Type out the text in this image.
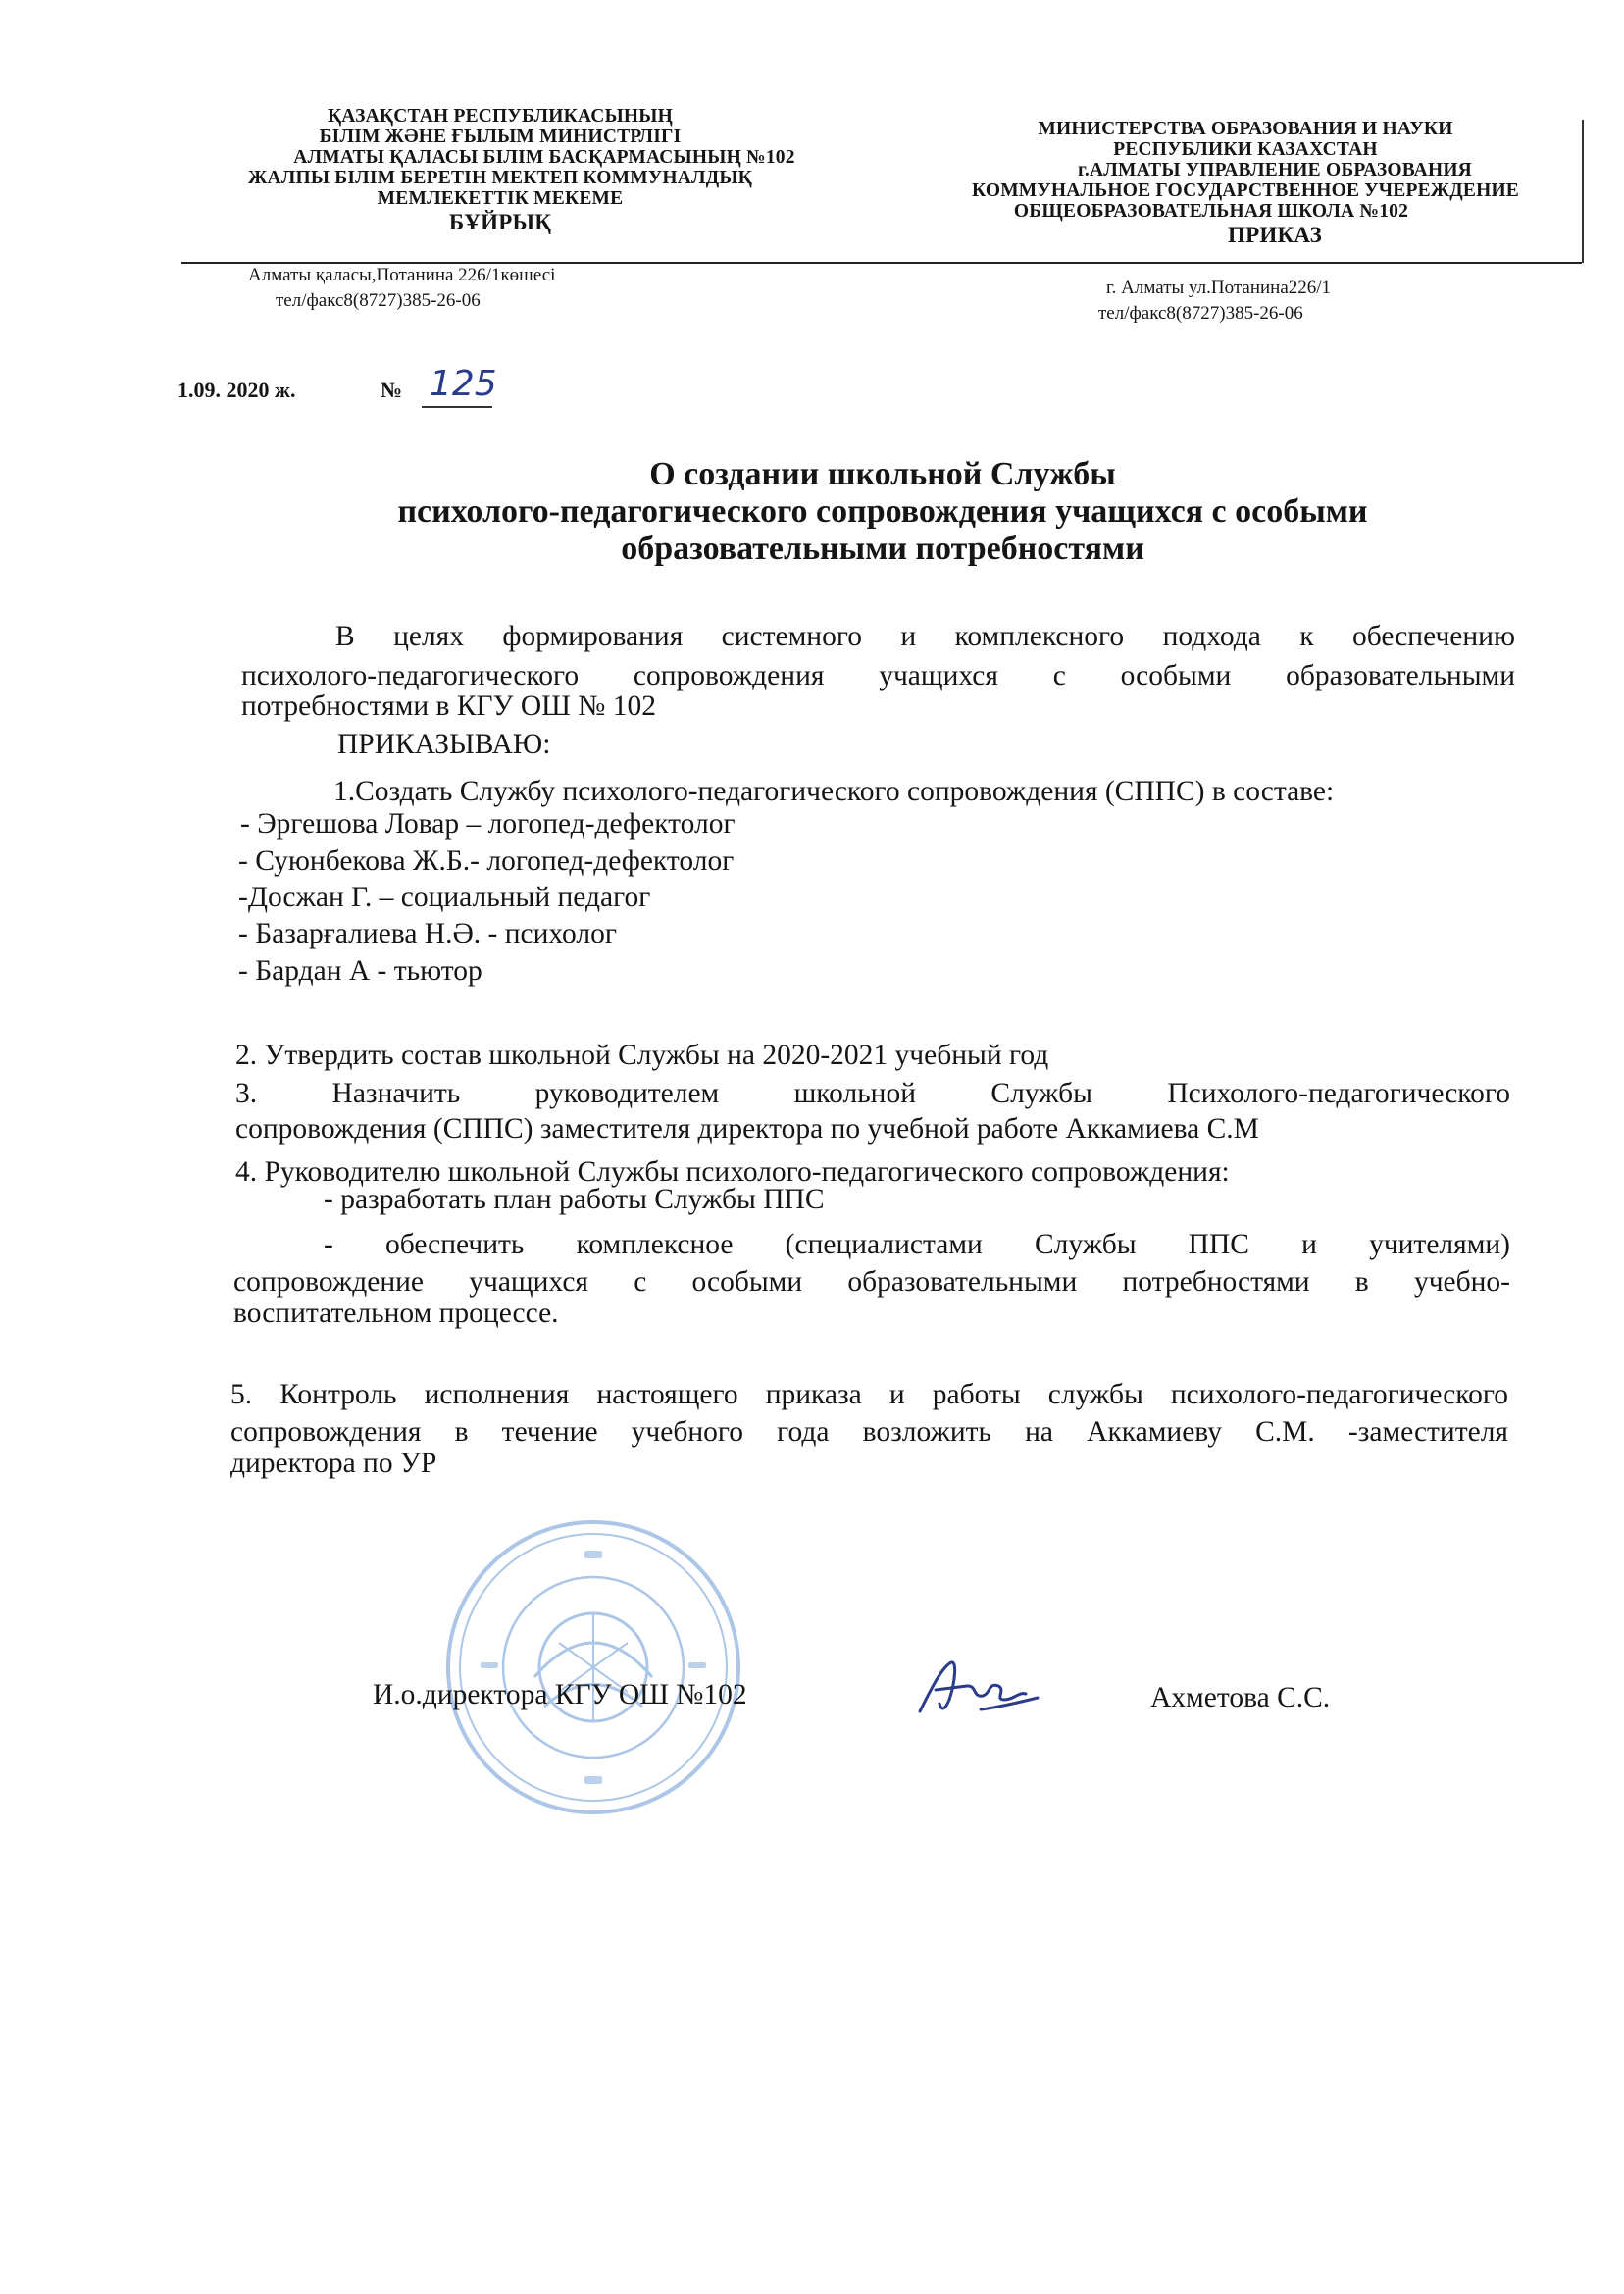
ҚАЗАҚСТАН РЕСПУБЛИКАСЫНЫҢ
БІЛІМ ЖӘНЕ ҒЫЛЫМ МИНИСТРЛІГІ
АЛМАТЫ ҚАЛАСЫ БІЛІМ БАСҚАРМАСЫНЫҢ №102
ЖАЛПЫ БІЛІМ БЕРЕТІН МЕКТЕП КОММУНАЛДЫҚ
МЕМЛЕКЕТТІК МЕКЕМЕ
БҰЙРЫҚ
МИНИСТЕРСТВА ОБРАЗОВАНИЯ И НАУКИ
РЕСПУБЛИКИ КАЗАХСТАН
г.АЛМАТЫ УПРАВЛЕНИЕ ОБРАЗОВАНИЯ
КОММУНАЛЬНОЕ ГОСУДАРСТВЕННОЕ УЧЕРЕЖДЕНИЕ
ОБЩЕОБРАЗОВАТЕЛЬНАЯ ШКОЛА №102
ПРИКАЗ
Алматы қаласы,Потанина 226/1көшесі
тел/факс8(8727)385-26-06
г. Алматы ул.Потанина226/1
тел/факс8(8727)385-26-06
1.09. 2020 ж.	№ 125
О создании школьной Службы
психолого-педагогического сопровождения учащихся с особыми
образовательными потребностями
В целях формирования системного и комплексного подхода к обеспечению
психолого-педагогического сопровождения учащихся с особыми образовательными
потребностями в КГУ ОШ № 102
ПРИКАЗЫВАЮ:
1.Создать Службу психолого-педагогического сопровождения (СППС) в составе:
- Эргешова Ловар – логопед-дефектолог
- Суюнбекова Ж.Б.- логопед-дефектолог
-Досжан Г. – социальный педагог
- Базарғалиева Н.Ә. - психолог
- Бардан А - тьютор
2. Утвердить состав школьной Службы на 2020-2021 учебный год
3. Назначить руководителем школьной Службы Психолого-педагогического
сопровождения (СППС) заместителя директора по учебной работе Аккамиева С.М
4. Руководителю школьной Службы психолого-педагогического сопровождения:
- разработать план работы Службы ППС
- обеспечить комплексное (специалистами Службы ППС и учителями)
сопровождение учащихся с особыми образовательными потребностями в учебно-
воспитательном процессе.
5. Контроль исполнения настоящего приказа и работы службы психолого-педагогического
сопровождения в течение учебного года возложить на Аккамиеву С.М. -заместителя
директора по УР
И.о.директора КГУ ОШ №102	Ахметова С.С.
